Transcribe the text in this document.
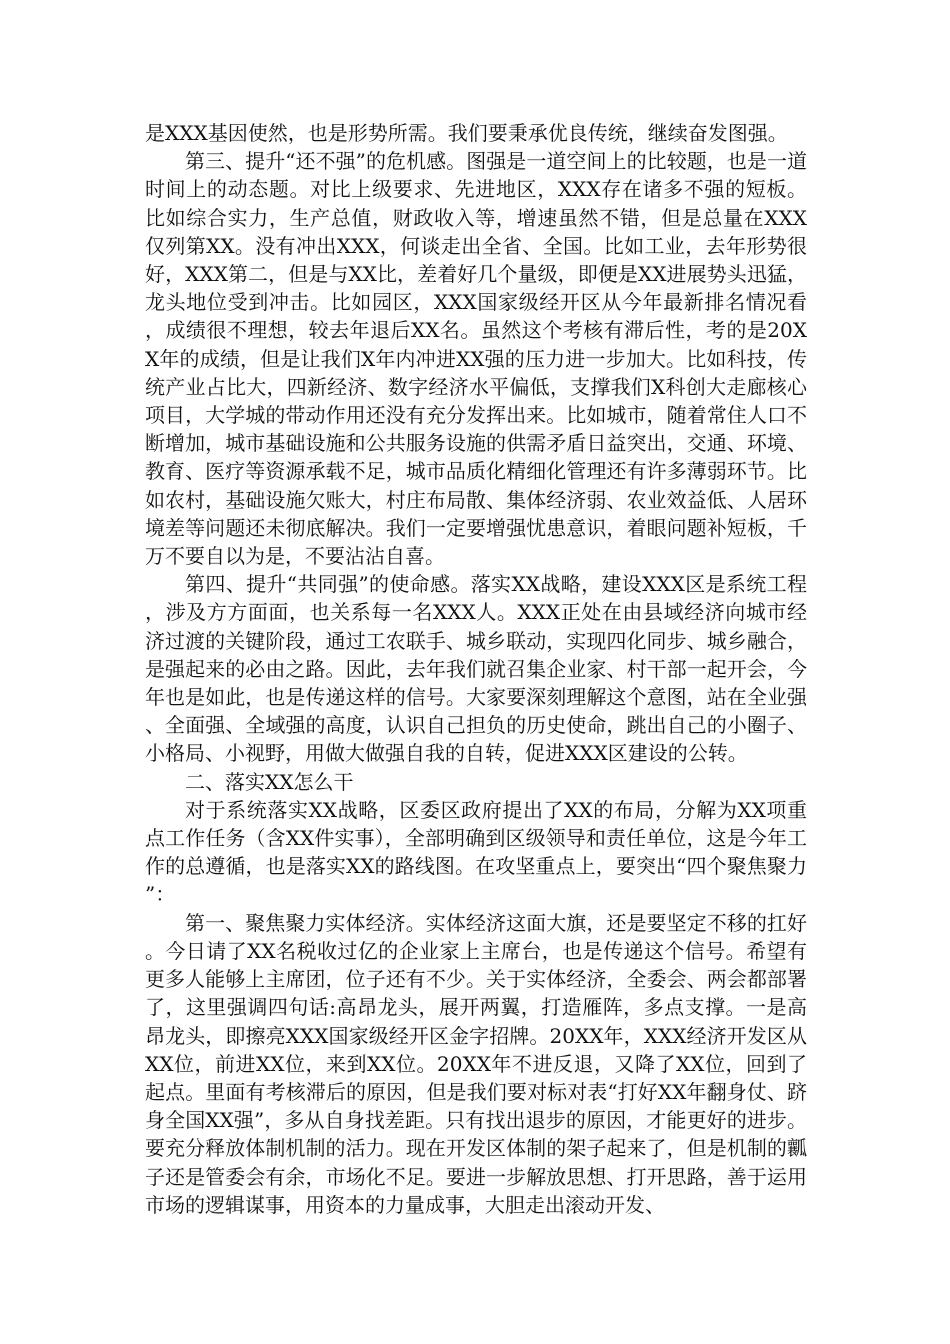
是XXX基因使然，也是形势所需。我们要秉承优良传统，继续奋发图强。

第三、提升“还不强”的危机感。图强是一道空间上的比较题，也是一道时间上的动态题。对比上级要求、先进地区，XXX存在诸多不强的短板。比如综合实力，生产总值，财政收入等，增速虽然不错，但是总量在XXX仅列第XX。没有冲出XXX，何谈走出全省、全国。比如工业，去年形势很好，XXX第二，但是与XX比，差着好几个量级，即便是XX进展势头迅猛，龙头地位受到冲击。比如园区，XXX国家级经开区从今年最新排名情况看，成绩很不理想，较去年退后XX名。虽然这个考核有滞后性，考的是20XX年的成绩，但是让我们X年内冲进XX强的压力进一步加大。比如科技，传统产业占比大，四新经济、数字经济水平偏低，支撑我们X科创大走廊核心项目，大学城的带动作用还没有充分发挥出来。比如城市，随着常住人口不断增加，城市基础设施和公共服务设施的供需矛盾日益突出，交通、环境、教育、医疗等资源承载不足，城市品质化精细化管理还有许多薄弱环节。比如农村，基础设施欠账大，村庄布局散、集体经济弱、农业效益低、人居环境差等问题还未彻底解决。我们一定要增强忧患意识，着眼问题补短板，千万不要自以为是，不要沾沾自喜。

第四、提升“共同强”的使命感。落实XX战略，建设XXX区是系统工程，涉及方方面面，也关系每一名XXX人。XXX正处在由县域经济向城市经济过渡的关键阶段，通过工农联手、城乡联动，实现四化同步、城乡融合，是强起来的必由之路。因此，去年我们就召集企业家、村干部一起开会，今年也是如此，也是传递这样的信号。大家要深刻理解这个意图，站在全业强、全面强、全域强的高度，认识自己担负的历史使命，跳出自己的小圈子、小格局、小视野，用做大做强自我的自转，促进XXX区建设的公转。

二、落实XX怎么干

对于系统落实XX战略，区委区政府提出了XX的布局，分解为XX项重点工作任务（含XX件实事），全部明确到区级领导和责任单位，这是今年工作的总遵循，也是落实XX的路线图。在攻坚重点上，要突出“四个聚焦聚力”：

第一、聚焦聚力实体经济。实体经济这面大旗，还是要坚定不移的扛好。今日请了XX名税收过亿的企业家上主席台，也是传递这个信号。希望有更多人能够上主席团，位子还有不少。关于实体经济，全委会、两会都部署了，这里强调四句话:高昂龙头，展开两翼，打造雁阵，多点支撑。一是高昂龙头，即擦亮XXX国家级经开区金字招牌。20XX年，XXX经济开发区从XX位，前进XX位，来到XX位。20XX年不进反退，又降了XX位，回到了起点。里面有考核滞后的原因，但是我们要对标对表“打好XX年翻身仗、跻身全国XX强”，多从自身找差距。只有找出退步的原因，才能更好的进步。要充分释放体制机制的活力。现在开发区体制的架子起来了，但是机制的瓤子还是管委会有余，市场化不足。要进一步解放思想、打开思路，善于运用市场的逻辑谋事，用资本的力量成事，大胆走出滚动开发、
